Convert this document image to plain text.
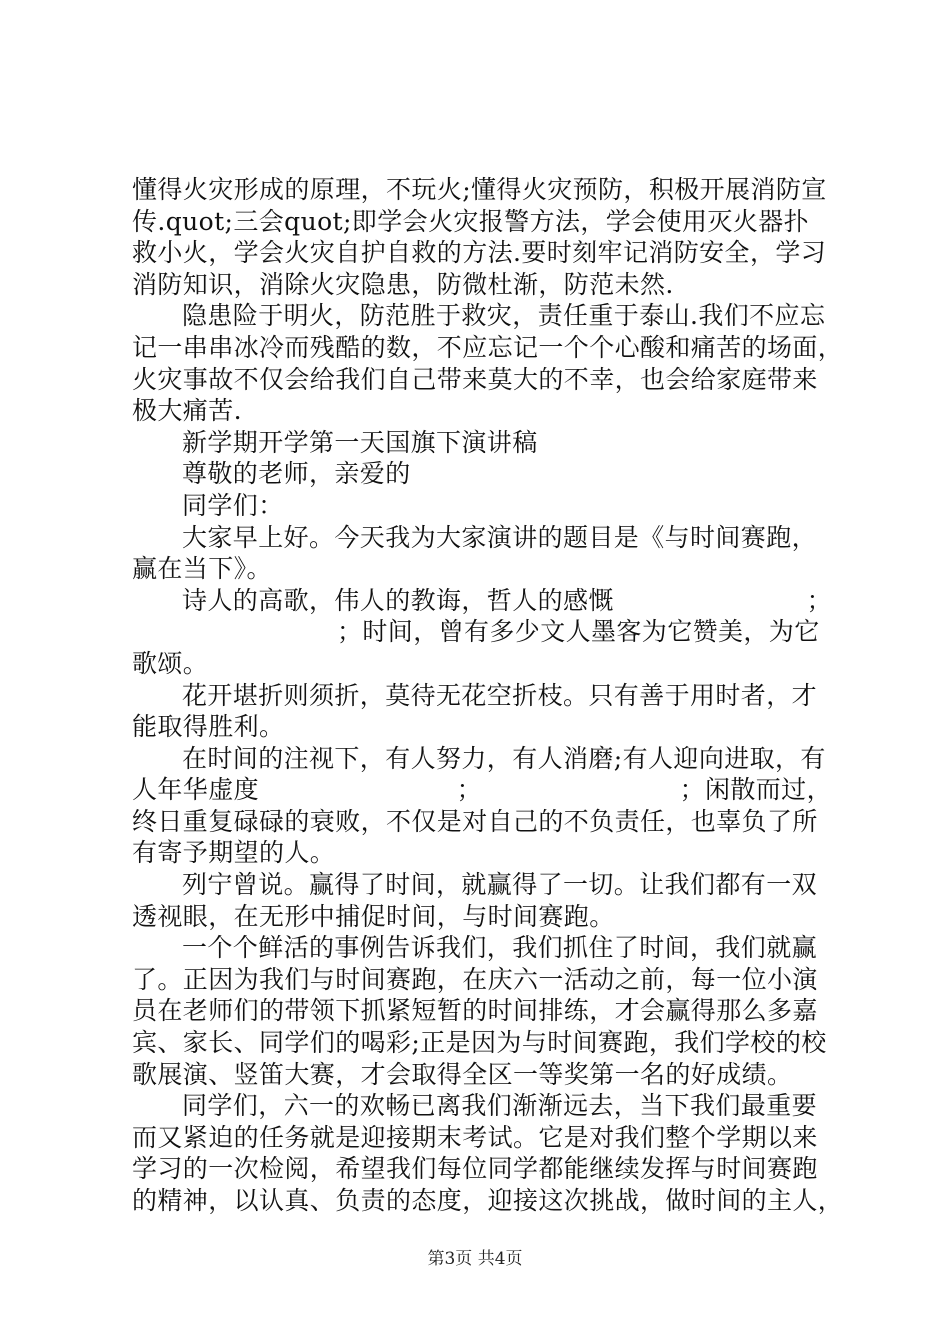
懂得火灾形成的原理，不玩火;懂得火灾预防，积极开展消防宣
传.quot;三会quot;即学会火灾报警方法，学会使用灭火器扑
救小火，学会火灾自护自救的方法.要时刻牢记消防安全，学习
消防知识，消除火灾隐患，防微杜渐，防范未然.
隐患险于明火，防范胜于救灾，责任重于泰山.我们不应忘
记一串串冰冷而残酷的数，不应忘记一个个心酸和痛苦的场面，
火灾事故不仅会给我们自己带来莫大的不幸，也会给家庭带来
极大痛苦.
新学期开学第一天国旗下演讲稿
尊敬的老师，亲爱的
同学们：
大家早上好。今天我为大家演讲的题目是《与时间赛跑，
赢在当下》。
诗人的高歌，伟人的教诲，哲人的感慨	；
；时间，曾有多少文人墨客为它赞美，为它
歌颂。
花开堪折则须折，莫待无花空折枝。只有善于用时者，才
能取得胜利。
在时间的注视下，有人努力，有人消磨;有人迎向进取，有
人年华虚度	；	；闲散而过，
终日重复碌碌的衰败，不仅是对自己的不负责任，也辜负了所
有寄予期望的人。
列宁曾说。赢得了时间，就赢得了一切。让我们都有一双
透视眼，在无形中捕促时间，与时间赛跑。
一个个鲜活的事例告诉我们，我们抓住了时间，我们就赢
了。正因为我们与时间赛跑，在庆六一活动之前，每一位小演
员在老师们的带领下抓紧短暂的时间排练，才会赢得那么多嘉
宾、家长、同学们的喝彩;正是因为与时间赛跑，我们学校的校
歌展演、竖笛大赛，才会取得全区一等奖第一名的好成绩。
同学们，六一的欢畅已离我们渐渐远去，当下我们最重要
而又紧迫的任务就是迎接期末考试。它是对我们整个学期以来
学习的一次检阅，希望我们每位同学都能继续发挥与时间赛跑
的精神，以认真、负责的态度，迎接这次挑战，做时间的主人，
第3页 共4页
